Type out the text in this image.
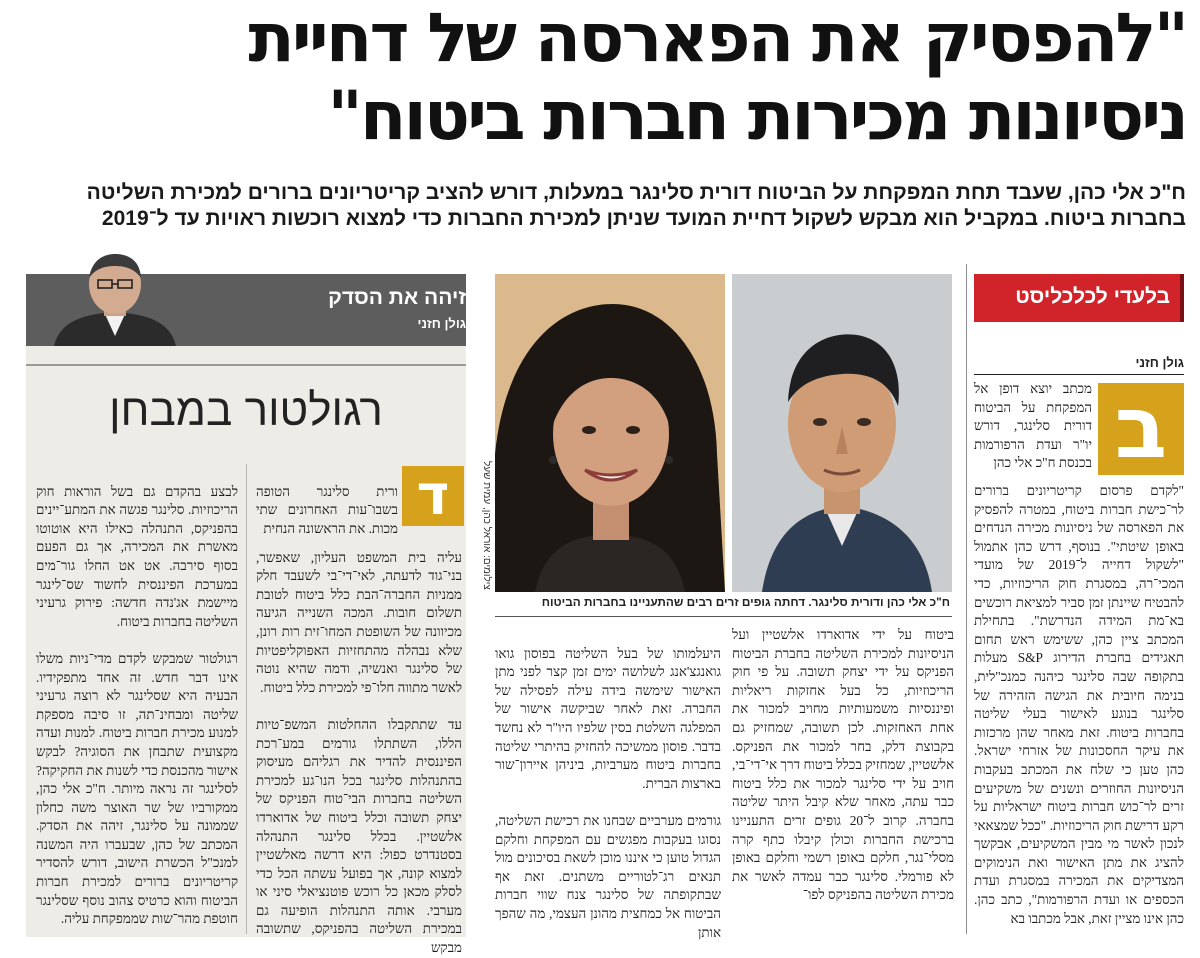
"להפסיק את הפארסה של דחיית
ניסיונות מכירות חברות ביטוח"
ח"כ אלי כהן, שעבד תחת המפקחת על הביטוח דורית סלינגר במעלות, דורש להציב קריטריונים ברורים למכירת השליטה
בחברות ביטוח. במקביל הוא מבקש לשקול דחיית המועד שניתן למכירת החברות כדי למצוא רוכשות ראויות עד ל־2019
בלעדי לכלכליסט
גולן חזני
ב
מכתב יוצא דופן אל המפקחת על הביטוח דורית סלינגר, דורש יו"ר ועדת הרפורמות בכנסת ח"כ אלי כהן
"לקדם פרסום קריטריונים ברורים לר־כישת חברות ביטוח, במטרה להפסיק את הפארסה של ניסיונות מכירה הנדחים באופן שיטתי". בנוסף, דרש כהן אתמול "לשקול דחייה ל־2019 של מועדי המכי־רה, במסגרת חוק הריכוזיות, כדי להבטיח שיינתן זמן סביר למציאת רוכשים בא־מת המידה הנדרשת". בתחילת המכתב ציין כהן, ששימש ראש תחום תאגידים בחברת הדירוג S&P מעלות בתקופה שבה סלינגר כיהנה כמנכ"לית, בנימה חיובית את הגישה הזהירה של סלינגר בנוגע לאישור בעלי שליטה בחברות ביטוח. זאת מאחר שהן מרכזות את עיקר החסכונות של אזרחי ישראל. כהן טען כי שלח את המכתב בעקבות הניסיונות החוזרים ונשנים של משקיעים זרים לר־כוש חברות ביטוח ישראליות על רקע דרישת חוק הריכוזיות. "ככל שמצאאי לנכון לאשר מי מבין המשקיעים, אבקשך להציג את מתן האישור ואת הנימוקים המצדיקים את המכירה במסגרת ועדת הכספים או ועדת הרפורמות", כתב כהן. כהן אינו מציין זאת, אבל מכתבו בא
צילומים: אוראל כהן, עמית שעל
ח"כ אלי כהן ודורית סלינגר. דחתה גופים זרים רבים שהתעניינו בחברות הביטוח
ביטוח על ידי אדוארדו אלשטיין ועל הניסיונות למכירת השליטה בחברת הביטוח הפניקס על ידי יצחק תשובה. על פי חוק הריכוזיות, כל בעל אחזקות ריאליות ופיננסיות משמעותיות מחויב למכור את אחת האחזקות. לכן תשובה, שמחזיק גם בקבוצת דלק, בחר למכור את הפניקס. אלשטיין, שמחזיק בכלל ביטוח דרך אי־די־בי, חויב על ידי סלינגר למכור את כלל ביטוח כבר עתה, מאחר שלא קיבל היתר שליטה בחברה. קרוב ל־20 גופים זרים התעניינו ברכישת החברות וכולן קיבלו כתף קרה מסלי־נגר, חלקם באופן רשמי וחלקם באופן לא פורמלי. סלינגר כבר עמדה לאשר את מכירת השליטה בהפניקס לפו־

היעלמותו של בעל השליטה בפוסון גואו גואנגצ'אנג לשלושה ימים זמן קצר לפני מתן האישור שימשה בידה עילה לפסילה של החברה. זאת לאחר שביקשה אישור של המפלגה השלטת בסין שלפיו היו"ר לא נחשד בדבר. פוסון ממשיכה להחזיק בהיתרי שליטה בחברות ביטוח מערביות, ביניהן איירון־שור בארצות הברית.

גורמים מערביים שבחנו את רכישת השליטה, נסוגו בעקבות מפגשים עם המפקחת וחלקם הגדול טוען כי איננו מוכן לשאת בסיכונים מול תנאים רג־לטוריים משתנים. זאת אף שבתקופתה של סלינגר צנח שווי חברות הביטוח אל כמחצית מהונן העצמי, מה שהפך אותן

זיהה את הסדק
גולן חזני
רגולטור במבחן
ד

ורית סלינגר הטופה בשבו־עות האחרונים שתי מכות. את הראשונה הנחית

עליה בית המשפט העליון, שאפשר, בני־גוד לדעתה, לאי־די־בי לשעבד חלק ממניות החברה־הבת כלל ביטוח לטובת תשלום חובות. המכה השנייה הגיעה מכיוונה של השופטת המחו־זית רות רונן, שלא נבהלה מהתחזיות האפוקליפטיות של סלינגר ואנשיה, ודמה שהיא נוטה לאשר מתווה חלו־פי למכירת כלל ביטוח.

עד שתתקבלו ההחלטות המשפ־טיות הללו, השתתלו גורמים במע־רכת הפיננסית להדיר את רגליהם מעיסוק בהתנהלות סלינגר בכל הנו־גע למכירת השליטה בחברות הבי־טוח הפניקס של יצחק תשובה וכלל ביטוח של אדוארדו אלשטיין. בכלל סלינגר התנהלה בסטנדרט כפול: היא דרשה מאלשטיין למצוא קונה, אך בפועל עשתה הכל כדי לסלק מכאן כל רוכש פוטנציאלי סיני או מערבי. אותה התנהלות הופיעה גם במכירת השליטה בהפניקס, שתשובה מבקש

לבצע בהקדם גם בשל הוראות חוק הריכוזיות. סלינגר פגשה את המתע־יינים בהפניקס, התנהלה כאילו היא אוטוטו מאשרת את המכירה, אך גם הפעם בסוף סירבה. אט אט החלו גור־מים במערכת הפיננסית לחשוד שס־לינגר מיישמת אג'נדה חדשה: פירוק גרעיני השליטה בחברות ביטוח.

רגולטור שמבקש לקדם מדי־ניות משלו אינו דבר חדש. זה אחד מתפקידיו. הבעיה היא שסלינגר לא רוצה גרעיני שליטה ומבחינ־תה, זו סיבה מספקת למנוע מכירת חברות ביטוח. למנות ועדה מקצועית שתבחן את הסוגיה? לבקש אישור מהכנסת כדי לשנות את החקיקה? לסלינגר זה נראה מיותר. ח"כ אלי כהן, ממקורביו של שר האוצר משה כחלון שממונה על סלינגר, זיהה את הסדק. המכתב של כהן, שבעברו היה המשנה למנכ"ל הכשרת הישוב, דורש להסדיר קריטריונים ברורים למכירת חברות הביטוח והוא כרטיס צהוב נוסף שסלינגר חוטפת מהר־שות שממפקחת עליה.
